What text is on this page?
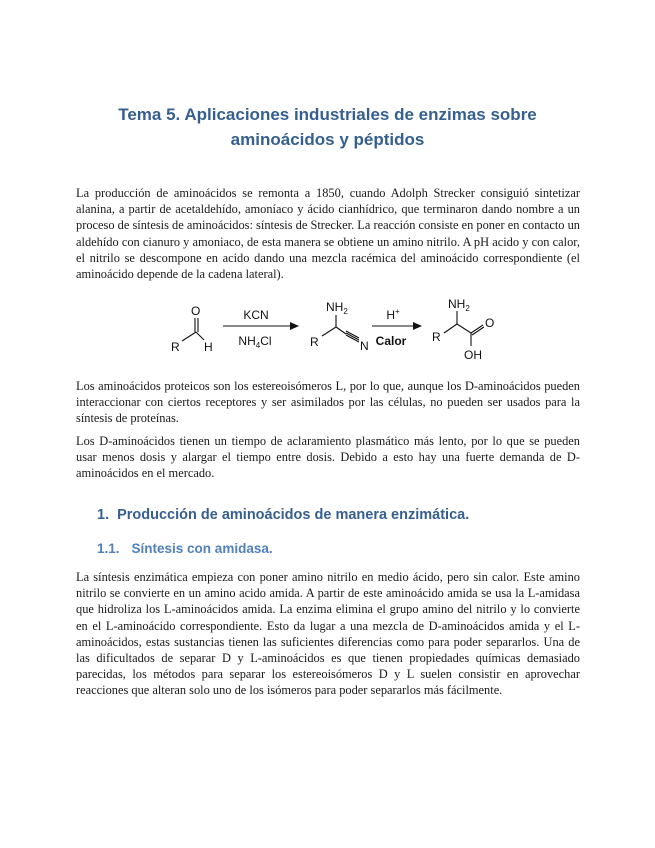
Tema 5. Aplicaciones industriales de enzimas sobre
aminoácidos y péptidos

La producción de aminoácidos se remonta a 1850, cuando Adolph Strecker consiguió sintetizar alanina, a partir de acetaldehído, amoníaco y ácido cianhídrico, que terminaron dando nombre a un proceso de síntesis de aminoácidos: síntesis de Strecker. La reacción consiste en poner en contacto un aldehído con cianuro y amoniaco, de esta manera se obtiene un amino nitrilo. A pH acido y con calor, el nitrilo se descompone en acido dando una mezcla racémica del aminoácido correspondiente (el aminoácido depende de la cadena lateral).

R
O
H
KCN
$NH_4Cl$
$NH_2$
R	N
H+
Calor
$NH_2$
R
O
OH

Los aminoácidos proteicos son los estereoisómeros L, por lo que, aunque los D-aminoácidos pueden interaccionar con ciertos receptores y ser asimilados por las células, no pueden ser usados para la síntesis de proteínas.

Los D-aminoácidos tienen un tiempo de aclaramiento plasmático más lento, por lo que se pueden usar menos dosis y alargar el tiempo entre dosis. Debido a esto hay una fuerte demanda de D-aminoácidos en el mercado.

1. Producción de aminoácidos de manera enzimática.
1.1. Síntesis con amidasa.

La síntesis enzimática empieza con poner amino nitrilo en medio ácido, pero sin calor. Este amino nitrilo se convierte en un amino acido amida. A partir de este aminoácido amida se usa la L-amidasa que hidroliza los L-aminoácidos amida. La enzima elimina el grupo amino del nitrilo y lo convierte en el L-aminoácido correspondiente. Esto da lugar a una mezcla de D-aminoácidos amida y el L-aminoácidos, estas sustancias tienen las suficientes diferencias como para poder separarlos. Una de las dificultados de separar D y L-aminoácidos es que tienen propiedades químicas demasiado parecidas, los métodos para separar los estereoisómeros D y L suelen consistir en aprovechar reacciones que alteran solo uno de los isómeros para poder separarlos más fácilmente.
